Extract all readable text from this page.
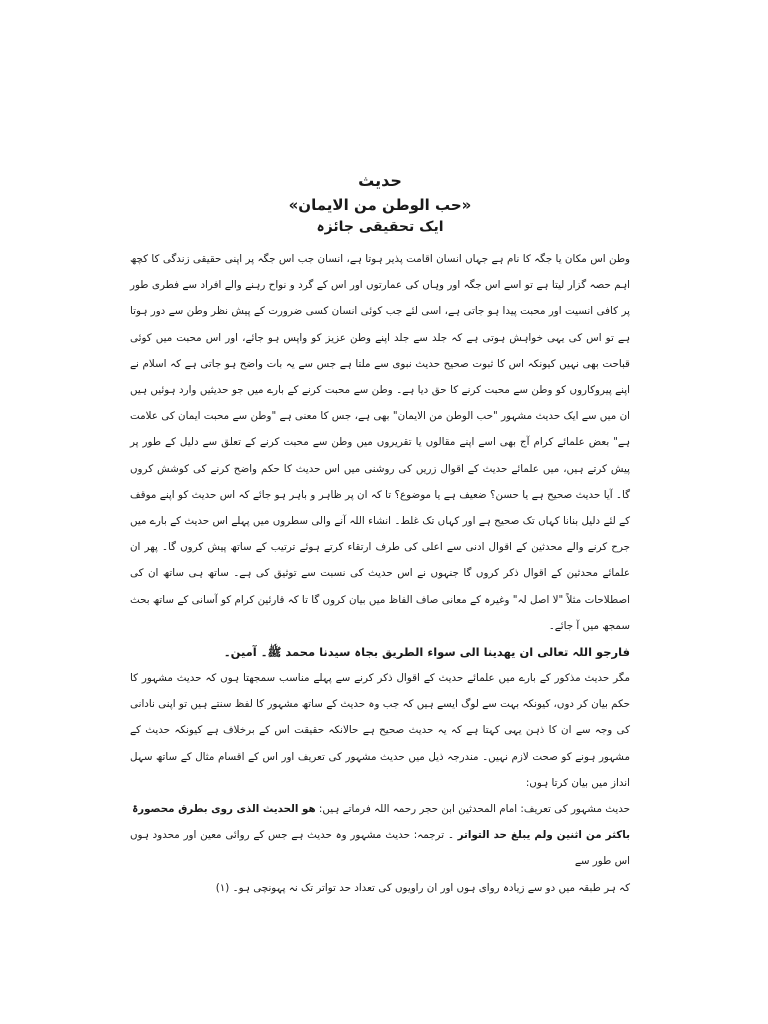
حدیث
«حب الوطن من الایمان»
ایک تحقیقی جائزہ

وطن اس مکان یا جگہ کا نام ہے جہاں انسان اقامت پذیر ہوتا ہے، انسان جب اس جگہ پر اپنی حقیقی زندگی کا کچھ اہم حصہ گزار لیتا ہے تو اسے اس جگہ اور وہاں کی عمارتوں اور اس کے گرد و نواح رہنے والے افراد سے فطری طور پر کافی انسیت اور محبت پیدا ہو جاتی ہے، اسی لئے جب کوئی انسان کسی ضرورت کے پیش نظر وطن سے دور ہوتا ہے تو اس کی یہی خواہش ہوتی ہے کہ جلد سے جلد اپنے وطن عزیز کو واپس ہو جائے، اور اس محبت میں کوئی قباحت بھی نہیں کیونکہ اس کا ثبوت صحیح حدیث نبوی سے ملتا ہے جس سے یہ بات واضح ہو جاتی ہے کہ اسلام نے اپنے پیروکاروں کو وطن سے محبت کرنے کا حق دیا ہے۔ وطن سے محبت کرنے کے بارے میں جو حدیثیں وارد ہوئیں ہیں ان میں سے ایک حدیث مشہور "حب الوطن من الایمان" بھی ہے، جس کا معنی ہے "وطن سے محبت ایمان کی علامت ہے" بعض علمائے کرام آج بھی اسے اپنے مقالوں یا تقریروں میں وطن سے محبت کرنے کے تعلق سے دلیل کے طور پر پیش کرتے ہیں، میں علمائے حدیث کے اقوال زریں کی روشنی میں اس حدیث کا حکم واضح کرنے کی کوشش کروں گا۔ آیا حدیث صحیح ہے یا حسن؟ ضعیف ہے یا موضوع؟ تا کہ ان پر ظاہر و باہر ہو جائے کہ اس حدیث کو اپنے موقف کے لئے دلیل بنانا کہاں تک صحیح ہے اور کہاں تک غلط۔ انشاء اللہ آنے والی سطروں میں پہلے اس حدیث کے بارے میں جرح کرنے والے محدثین کے اقوال ادنی سے اعلی کی طرف ارتقاء کرتے ہوئے ترتیب کے ساتھ پیش کروں گا۔ پھر ان علمائے محدثین کے اقوال ذکر کروں گا جنہوں نے اس حدیث کی نسبت سے توثیق کی ہے۔ ساتھ ہی ساتھ ان کی اصطلاحات مثلاً "لا اصل لہ" وغیرہ کے معانی صاف الفاظ میں بیان کروں گا تا کہ قارئین کرام کو آسانی کے ساتھ بحث سمجھ میں آ جائے۔

فارجو اللہ تعالی ان یھدینا الی سواء الطریق بجاہ سیدنا محمد ﷺ۔ آمین۔

مگر حدیث مذکور کے بارے میں علمائے حدیث کے اقوال ذکر کرنے سے پہلے مناسب سمجھتا ہوں کہ حدیث مشہور کا حکم بیان کر دوں، کیونکہ بہت سے لوگ ایسے ہیں کہ جب وہ حدیث کے ساتھ مشہور کا لفظ سنتے ہیں تو اپنی نادانی کی وجہ سے ان کا ذہن یہی کہتا ہے کہ یہ حدیث صحیح ہے حالانکہ حقیقت اس کے برخلاف ہے کیونکہ حدیث کے مشہور ہونے کو صحت لازم نہیں۔ مندرجہ ذیل میں حدیث مشہور کی تعریف اور اس کے اقسام مثال کے ساتھ سہل انداز میں بیان کرتا ہوں:

حدیث مشہور کی تعریف: امام المحدثین ابن حجر رحمہ اللہ فرماتے ہیں: ھو الحدیث الذی روی بطرق محصورۃ

باکثر من اثنین ولم یبلغ حد التواتر ۔ ترجمہ: حدیث مشہور وہ حدیث ہے جس کے روائی معین اور محدود ہوں اس طور سے

کہ ہر طبقہ میں دو سے زیادہ روای ہوں اور ان راویوں کی تعداد حد تواتر تک نہ پہونچی ہو۔ (۱)
